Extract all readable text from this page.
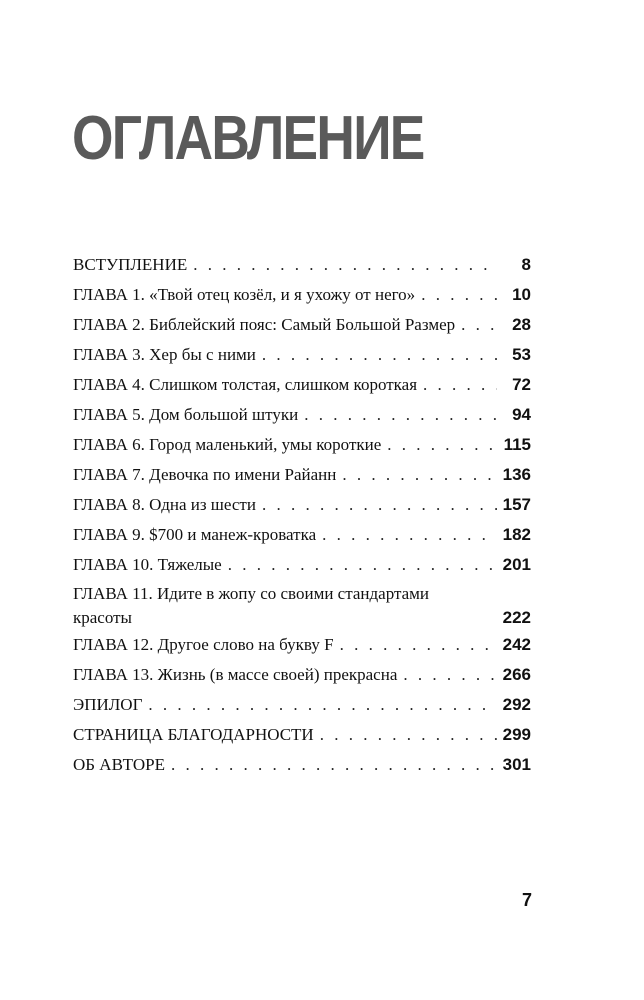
ОГЛАВЛЕНИЕ
ВСТУПЛЕНИЕ . . .	8
ГЛАВА 1. «Твой отец козёл, и я ухожу от него» . . .	10
ГЛАВА 2. Библейский пояс: Самый Большой Размер . . .	28
ГЛАВА 3. Хер бы с ними . . .	53
ГЛАВА 4. Слишком толстая, слишком короткая . . .	72
ГЛАВА 5. Дом большой штуки . . .	94
ГЛАВА 6. Город маленький, умы короткие . . .	115
ГЛАВА 7. Девочка по имени Райанн . . .	136
ГЛАВА 8. Одна из шести . . .	157
ГЛАВА 9. $700 и манеж-кроватка . . .	182
ГЛАВА 10. Тяжелые . . .	201
ГЛАВА 11. Идите в жопу со своими стандартами красоты	222
ГЛАВА 12. Другое слово на букву F . . .	242
ГЛАВА 13. Жизнь (в массе своей) прекрасна . . .	266
ЭПИЛОГ . . .	292
СТРАНИЦА БЛАГОДАРНОСТИ . . .	299
ОБ АВТОРЕ . . .	301
7
